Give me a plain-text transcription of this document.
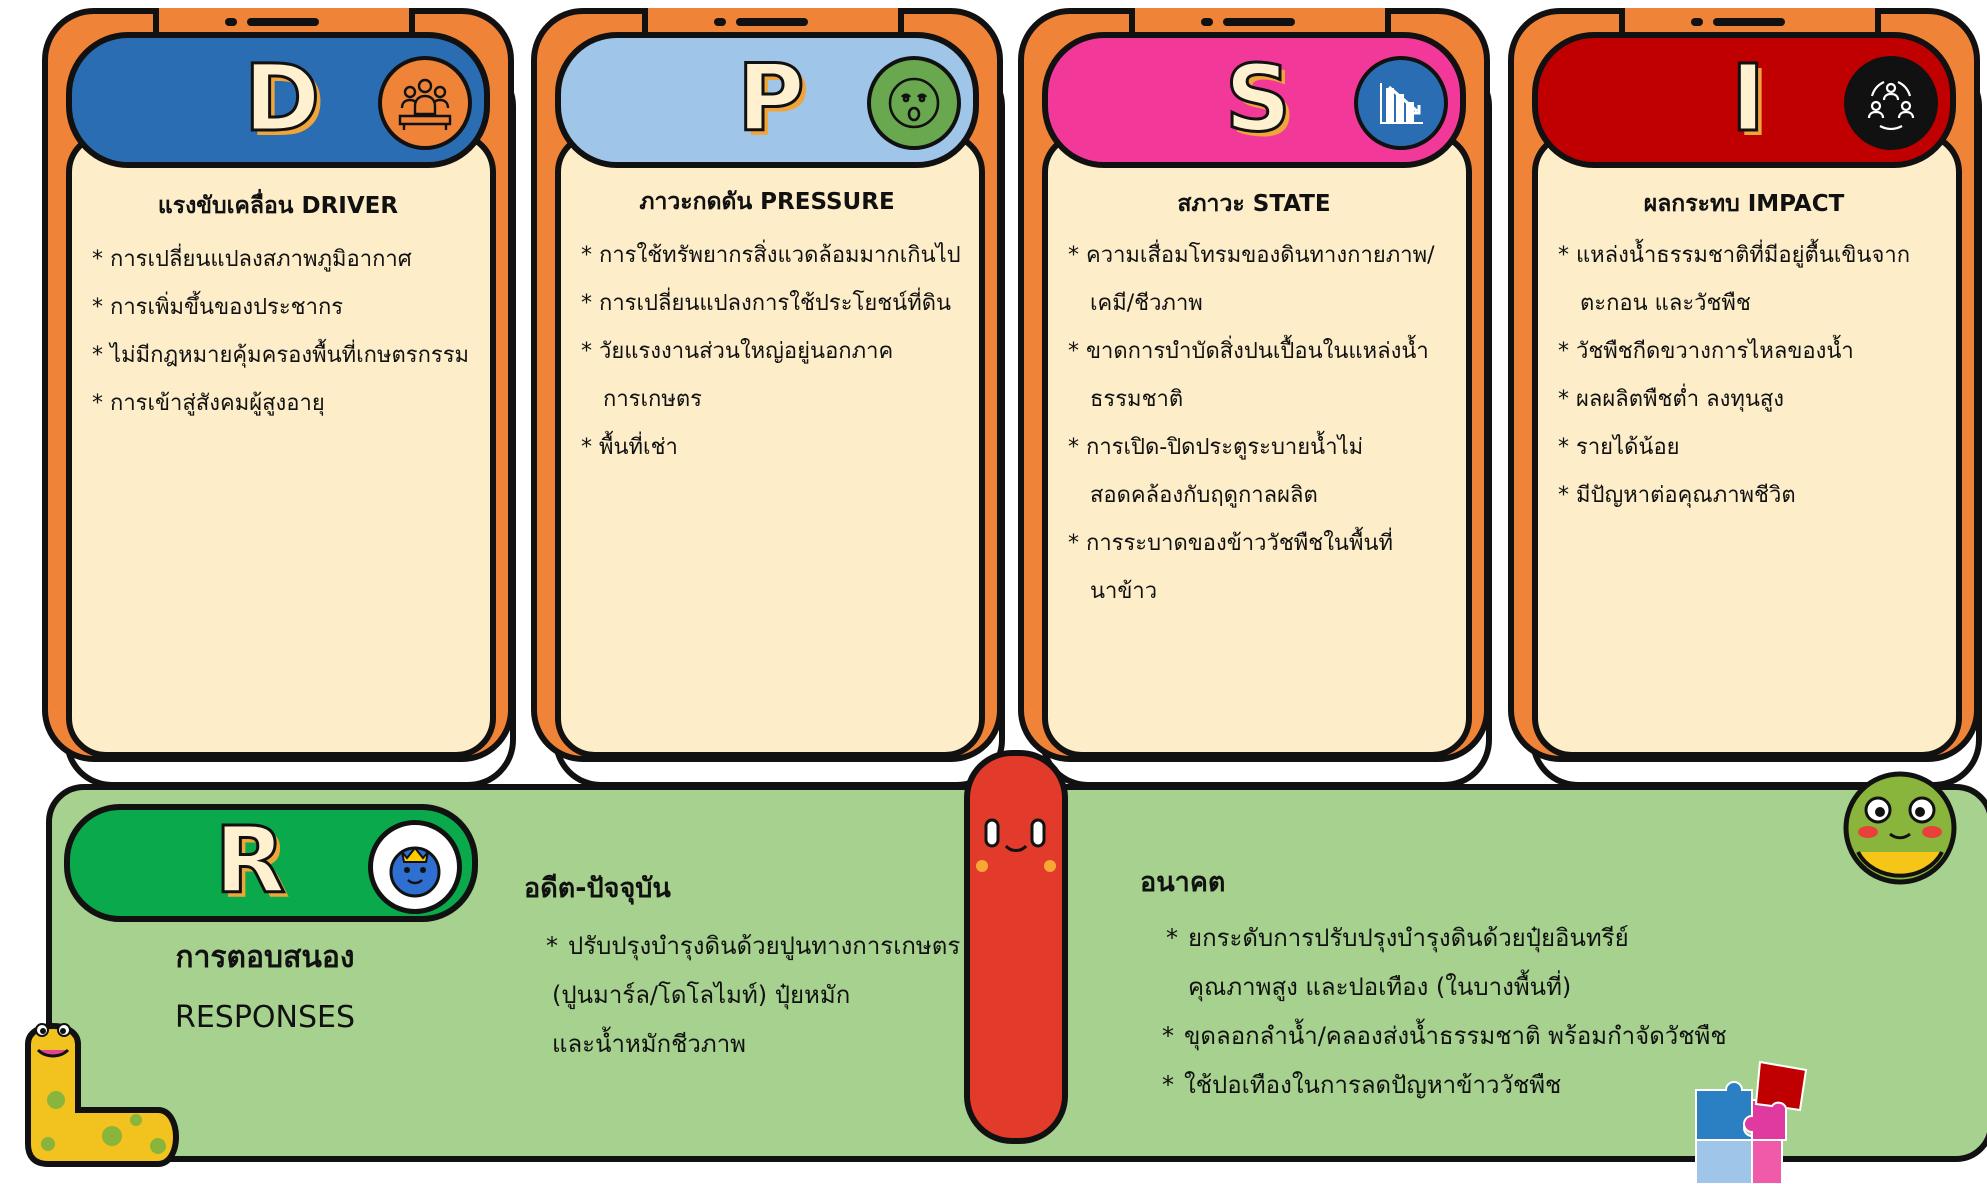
D
แรงขับเคลื่อน DRIVER
* การเปลี่ยนแปลงสภาพภูมิอากาศ
* การเพิ่มขึ้นของประชากร
* ไม่มีกฎหมายคุ้มครองพื้นที่เกษตรกรรม
* การเข้าสู่สังคมผู้สูงอายุ
P
ภาวะกดดัน PRESSURE
* การใช้ทรัพยากรสิ่งแวดล้อมมากเกินไป
* การเปลี่ยนแปลงการใช้ประโยชน์ที่ดิน
* วัยแรงงานส่วนใหญ่อยู่นอกภาค
การเกษตร
* พื้นที่เช่า
S
สภาวะ STATE
* ความเสื่อมโทรมของดินทางกายภาพ/
เคมี/ชีวภาพ
* ขาดการบำบัดสิ่งปนเปื้อนในแหล่งน้ำ
ธรรมชาติ
* การเปิด-ปิดประตูระบายน้ำไม่
สอดคล้องกับฤดูกาลผลิต
* การระบาดของข้าววัชพืชในพื้นที่
นาข้าว
I
ผลกระทบ IMPACT
* แหล่งน้ำธรรมชาติที่มีอยู่ตื้นเขินจาก
ตะกอน และวัชพืช
* วัชพืชกีดขวางการไหลของน้ำ
* ผลผลิตพืชต่ำ ลงทุนสูง
* รายได้น้อย
* มีปัญหาต่อคุณภาพชีวิต
R
การตอบสนอง
RESPONSES
อดีต-ปัจจุบัน
* ปรับปรุงบำรุงดินด้วยปูนทางการเกษตร
(ปูนมาร์ล/โดโลไมท์) ปุ๋ยหมัก
และน้ำหมักชีวภาพ
อนาคต
* ยกระดับการปรับปรุงบำรุงดินด้วยปุ๋ยอินทรีย์
คุณภาพสูง และปอเทือง (ในบางพื้นที่)
* ขุดลอกลำน้ำ/คลองส่งน้ำธรรมชาติ พร้อมกำจัดวัชพืช
* ใช้ปอเทืองในการลดปัญหาข้าววัชพืช
